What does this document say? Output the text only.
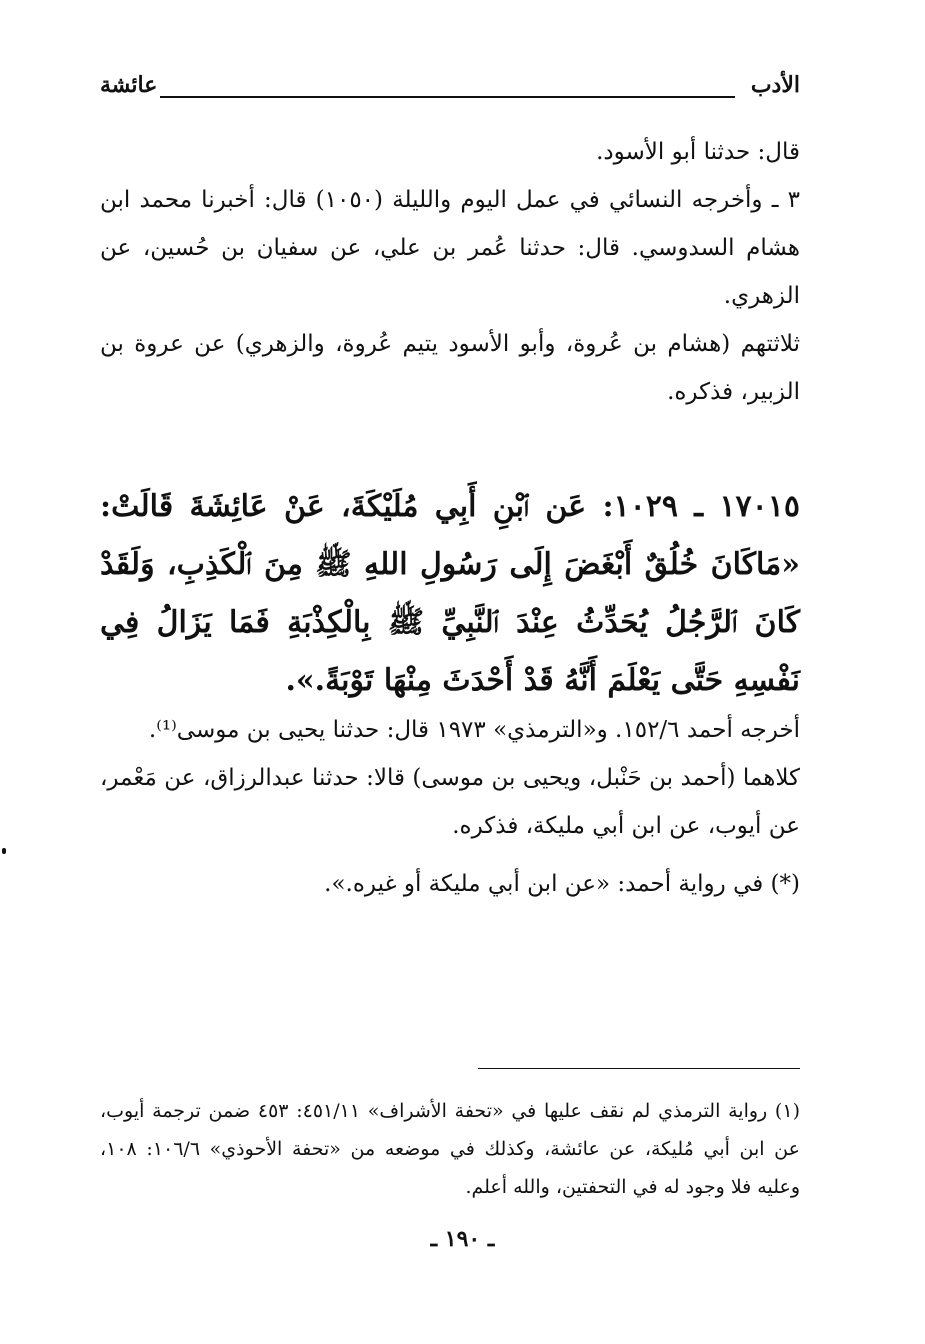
الأدب
عائشة

قال: حدثنا أبو الأسود.

٣ ـ وأخرجه النسائي في عمل اليوم والليلة (١٠٥٠) قال: أخبرنا محمد ابن هشام السدوسي. قال: حدثنا عُمر بن علي، عن سفيان بن حُسين، عن الزهري.

ثلاثتهم (هشام بن عُروة، وأبو الأسود يتيم عُروة، والزهري) عن عروة بن الزبير، فذكره.

١٧٠١٥ ـ ١٠٢٩: عَن ٱبْنِ أَبِي مُلَيْكَةَ، عَنْ عَائِشَةَ قَالَتْ: «مَاكَانَ خُلُقٌ أَبْغَضَ إِلَى رَسُولِ اللهِ ﷺ مِنَ ٱلْكَذِبِ، وَلَقَدْ كَانَ ٱلرَّجُلُ يُحَدِّثُ عِنْدَ ٱلنَّبِيِّ ﷺ بِالْكِذْبَةِ فَمَا يَزَالُ فِي نَفْسِهِ حَتَّى يَعْلَمَ أَنَّهُ قَدْ أَحْدَثَ مِنْهَا تَوْبَةً.».

أخرجه أحمد ١٥٢/٦. و«الترمذي» ١٩٧٣ قال: حدثنا يحيى بن موسى⁽¹⁾.

كلاهما (أحمد بن حَنْبل، ويحيى بن موسى) قالا: حدثنا عبدالرزاق، عن مَعْمر، عن أيوب، عن ابن أبي مليكة، فذكره.

(*) في رواية أحمد: «عن ابن أبي مليكة أو غيره.».

(١) رواية الترمذي لم نقف عليها في «تحفة الأشراف» ٤٥١/١١: ٤٥٣ ضمن ترجمة أيوب، عن ابن أبي مُليكة، عن عائشة، وكذلك في موضعه من «تحفة الأحوذي» ١٠٦/٦: ١٠٨، وعليه فلا وجود له في التحفتين، والله أعلم.

ـ ١٩٠ ـ
